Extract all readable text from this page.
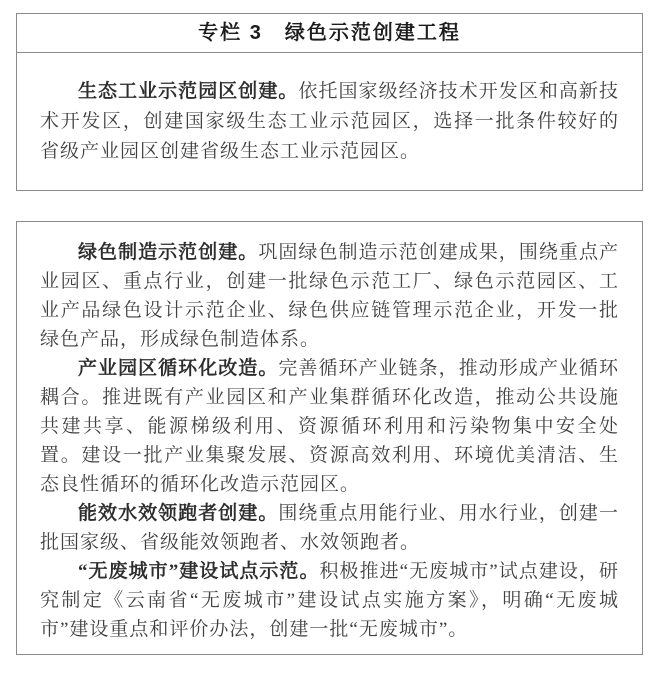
专栏 3　绿色示范创建工程

生态工业示范园区创建。依托国家级经济技术开发区和高新技术开发区，创建国家级生态工业示范园区，选择一批条件较好的省级产业园区创建省级生态工业示范园区。

绿色制造示范创建。巩固绿色制造示范创建成果，围绕重点产业园区、重点行业，创建一批绿色示范工厂、绿色示范园区、工业产品绿色设计示范企业、绿色供应链管理示范企业，开发一批绿色产品，形成绿色制造体系。

产业园区循环化改造。完善循环产业链条，推动形成产业循环耦合。推进既有产业园区和产业集群循环化改造，推动公共设施共建共享、能源梯级利用、资源循环利用和污染物集中安全处置。建设一批产业集聚发展、资源高效利用、环境优美清洁、生态良性循环的循环化改造示范园区。

能效水效领跑者创建。围绕重点用能行业、用水行业，创建一批国家级、省级能效领跑者、水效领跑者。

“无废城市”建设试点示范。积极推进“无废城市”试点建设，研究制定《云南省“无废城市”建设试点实施方案》，明确“无废城市”建设重点和评价办法，创建一批“无废城市”。
